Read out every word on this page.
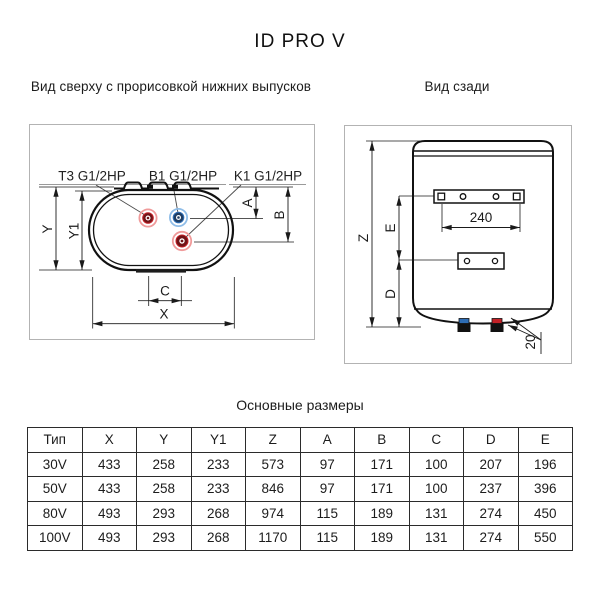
ID PRO V
Вид сверху с прорисовкой нижних выпусков	Вид сзади
T3 G1/2HP B1 G1/2HP K1 G1/2HP
Y Y1
A
B
C
X
240
Z
E
D
20
Основные размеры
Тип	X	Y	Y1	Z	A	B	C	D	E
30V	433	258	233	573	97	171	100	207	196
50V	433	258	233	846	97	171	100	237	396
80V	493	293	268	974	115	189	131	274	450
100V	493	293	268	1170	115	189	131	274	550
